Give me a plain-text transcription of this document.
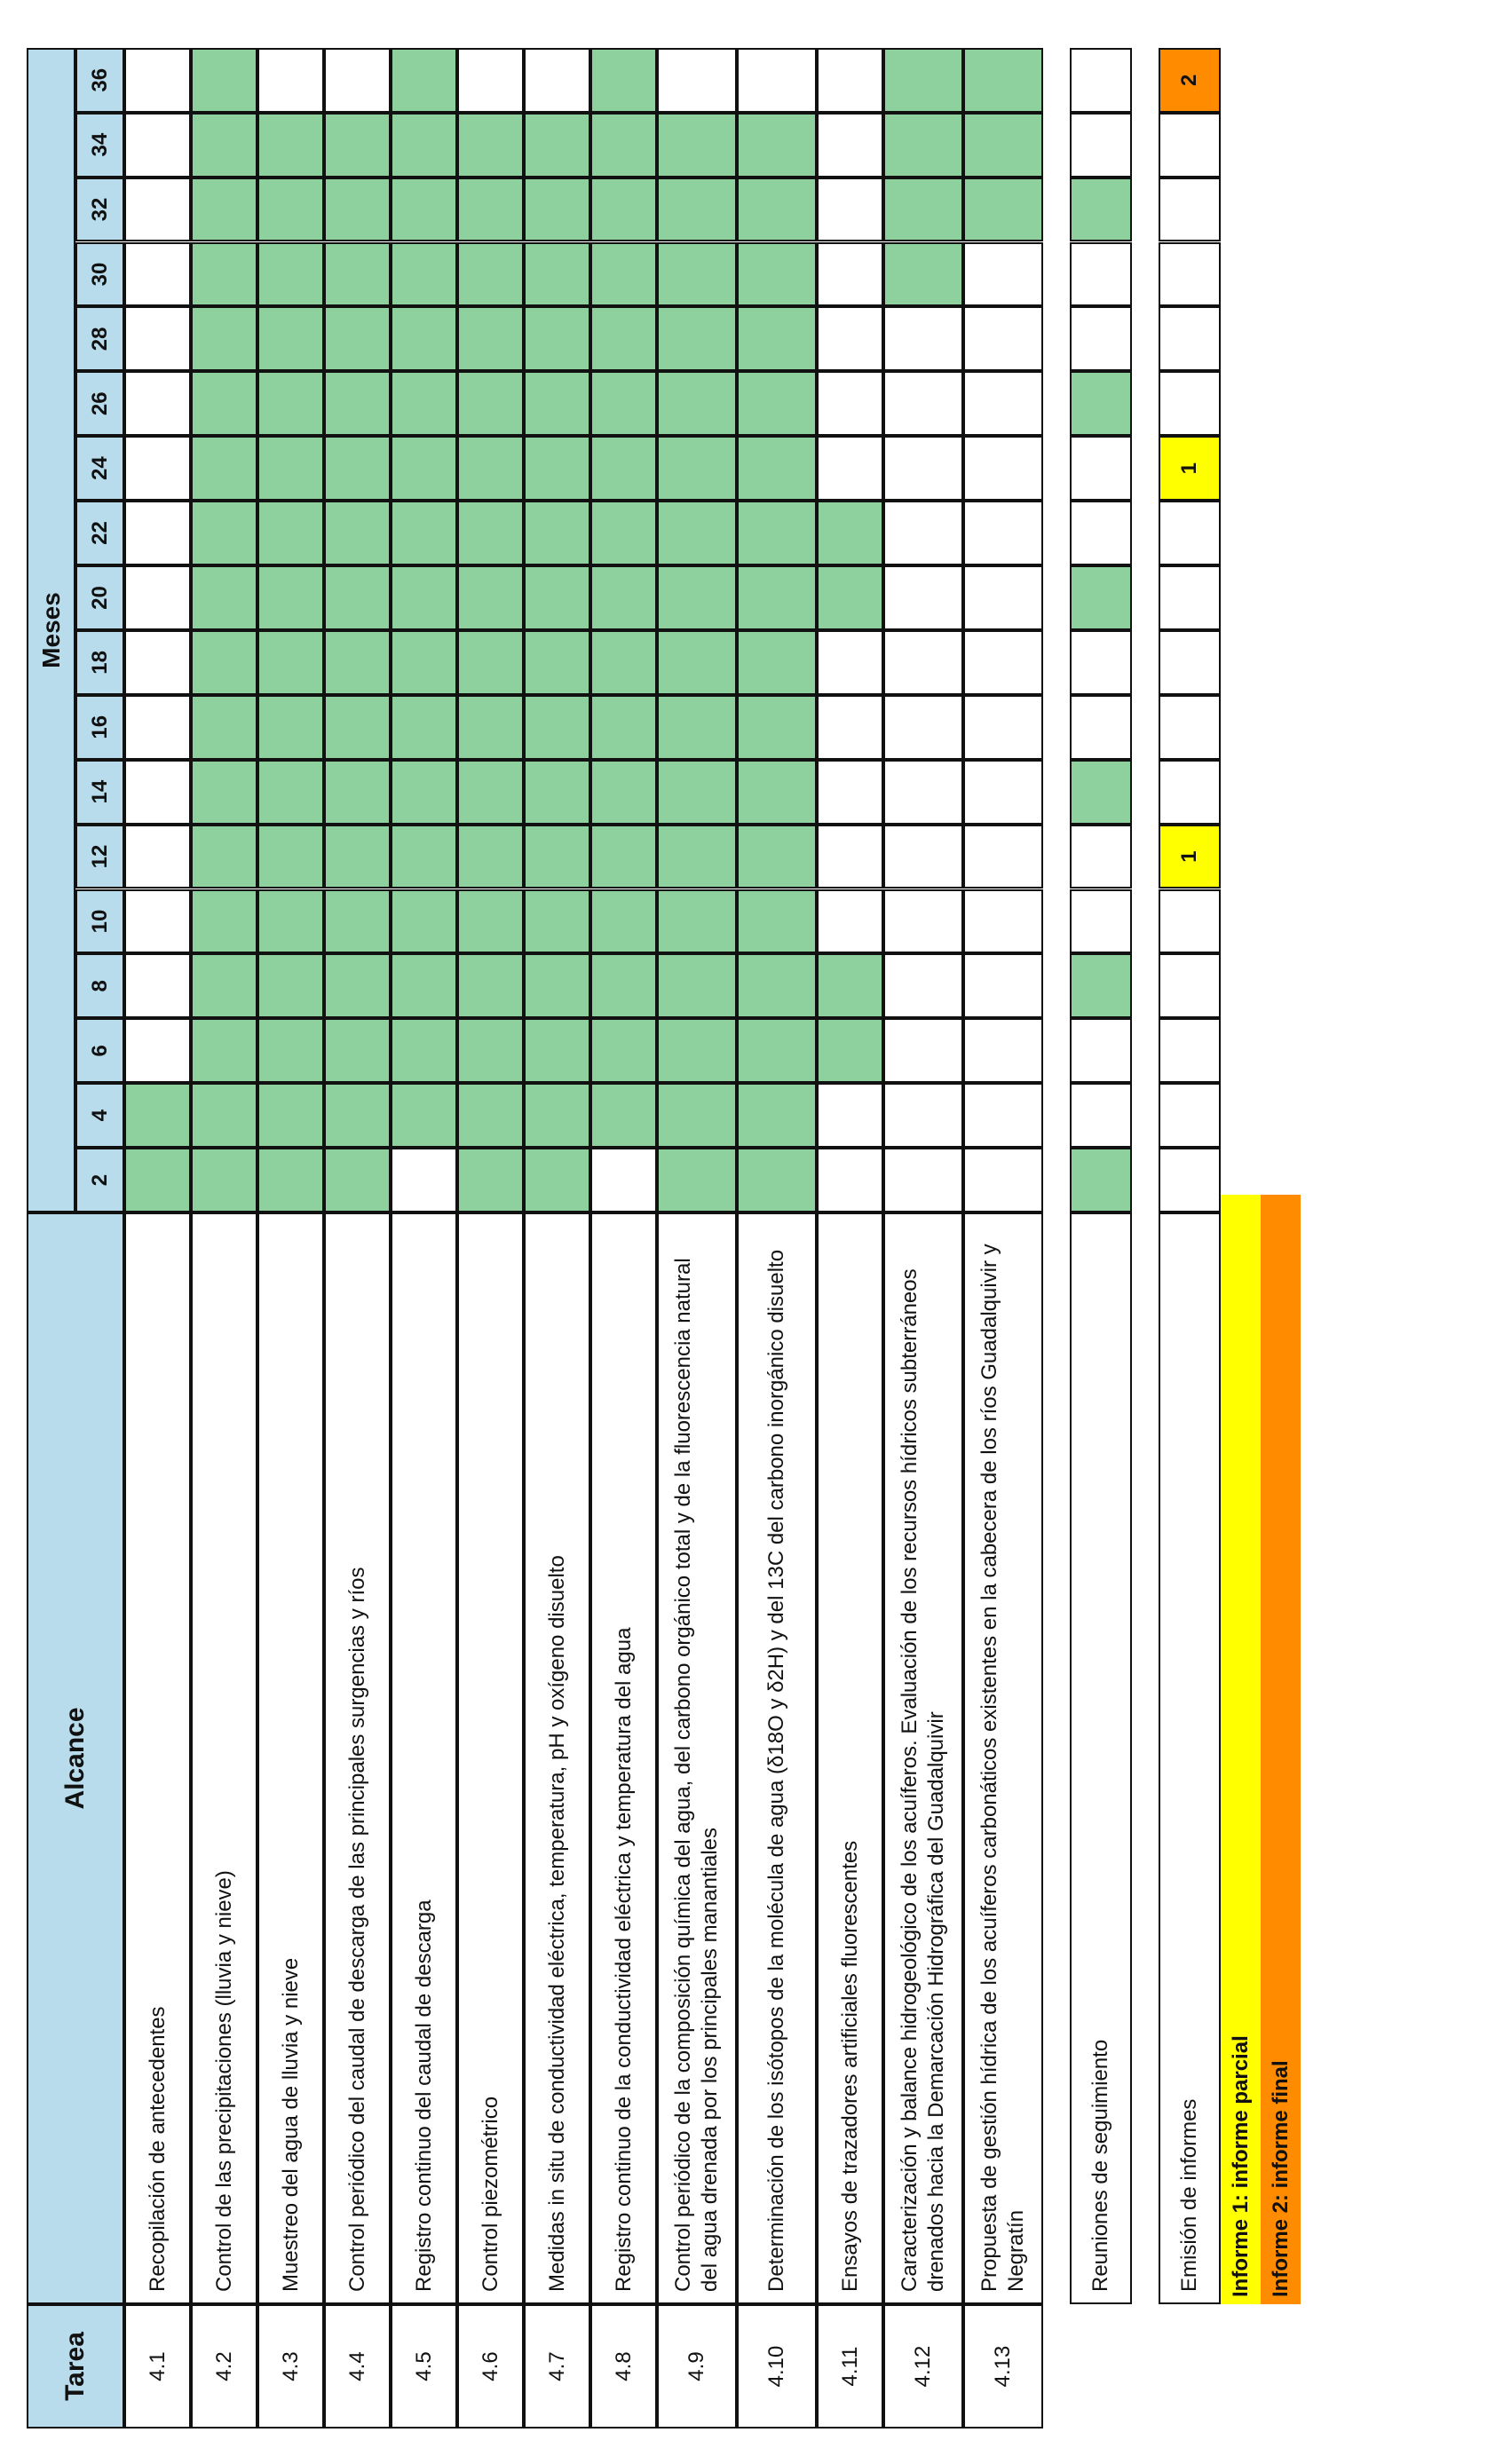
Tarea
Alcance
Meses
2
4
6
8
10
12
14
16
18
20
22
24
26
28
30
32
34
36
4.1
Recopilación de antecedentes
4.2
Control de las precipitaciones (lluvia y nieve)
4.3
Muestreo del agua de lluvia y nieve
4.4
Control periódico del caudal de descarga de las principales surgencias y ríos
4.5
Registro continuo del caudal de descarga
4.6
Control piezométrico
4.7
Medidas in situ de conductividad eléctrica, temperatura, pH y oxígeno disuelto
4.8
Registro continuo de la conductividad eléctrica y temperatura del agua
4.9
Control periódico de la composición química del agua, del carbono orgánico total y de la fluorescencia natural del agua drenada por los principales manantiales
4.10
Determinación de los isótopos de la molécula de agua (δ18O y δ2H) y del 13C del carbono inorgánico disuelto
4.11
Ensayos de trazadores artificiales fluorescentes
4.12
Caracterización y balance hidrogeológico de los acuíferos. Evaluación de los recursos hídricos subterráneos drenados hacia la Demarcación Hidrográfica del Guadalquivir
4.13
Propuesta de gestión hídrica de los acuíferos carbonáticos existentes en la cabecera de los ríos Guadalquivir y Negratín	Reuniones de seguimiento	Emisión de informes
1
1
2
Informe 1: informe parcial Informe 2: informe final
